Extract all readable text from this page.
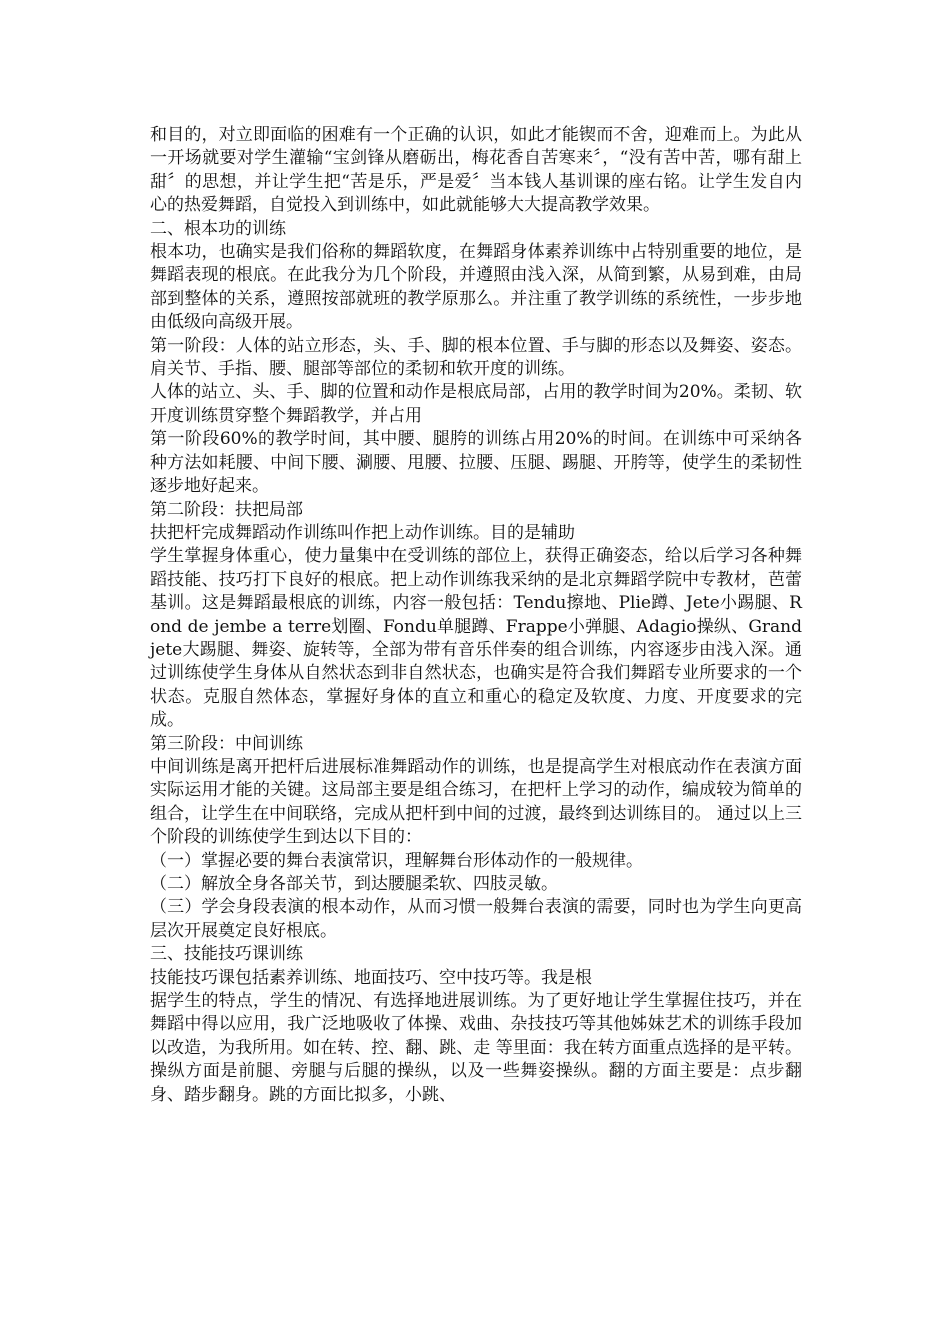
和目的，对立即面临的困难有一个正确的认识，如此才能锲而不舍，迎难而上。为此从一开场就要对学生灌输“宝剑锋从磨砺出，梅花香自苦寒来〞，“没有苦中苦，哪有甜上甜〞的思想，并让学生把“苦是乐，严是爱〞当本钱人基训课的座右铭。让学生发自内心的热爱舞蹈，自觉投入到训练中，如此就能够大大提高教学效果。

二、根本功的训练

根本功，也确实是我们俗称的舞蹈软度，在舞蹈身体素养训练中占特别重要的地位，是舞蹈表现的根底。在此我分为几个阶段，并遵照由浅入深，从简到繁，从易到难，由局部到整体的关系，遵照按部就班的教学原那么。并注重了教学训练的系统性，一步步地由低级向高级开展。

第一阶段：人体的站立形态，头、手、脚的根本位置、手与脚的形态以及舞姿、姿态。肩关节、手指、腰、腿部等部位的柔韧和软开度的训练。

人体的站立、头、手、脚的位置和动作是根底局部，占用的教学时间为20%。柔韧、软开度训练贯穿整个舞蹈教学，并占用

第一阶段60%的教学时间，其中腰、腿胯的训练占用20%的时间。在训练中可采纳各种方法如耗腰、中间下腰、涮腰、甩腰、拉腰、压腿、踢腿、开胯等，使学生的柔韧性逐步地好起来。

第二阶段：扶把局部

扶把杆完成舞蹈动作训练叫作把上动作训练。目的是辅助

学生掌握身体重心，使力量集中在受训练的部位上，获得正确姿态，给以后学习各种舞蹈技能、技巧打下良好的根底。把上动作训练我采纳的是北京舞蹈学院中专教材，芭蕾基训。这是舞蹈最根底的训练，内容一般包括：Tendu擦地、Plie蹲、Jete小踢腿、Rond de jembe a terre划圈、Fondu单腿蹲、Frappe小弹腿、Adagio操纵、Grand jete大踢腿、舞姿、旋转等，全部为带有音乐伴奏的组合训练，内容逐步由浅入深。通过训练使学生身体从自然状态到非自然状态，也确实是符合我们舞蹈专业所要求的一个状态。克服自然体态，掌握好身体的直立和重心的稳定及软度、力度、开度要求的完成。

第三阶段：中间训练

中间训练是离开把杆后进展标准舞蹈动作的训练，也是提高学生对根底动作在表演方面实际运用才能的关键。这局部主要是组合练习，在把杆上学习的动作，编成较为简单的组合，让学生在中间联络，完成从把杆到中间的过渡，最终到达训练目的。 通过以上三个阶段的训练使学生到达以下目的：

（一）掌握必要的舞台表演常识，理解舞台形体动作的一般规律。

（二）解放全身各部关节，到达腰腿柔软、四肢灵敏。

（三）学会身段表演的根本动作，从而习惯一般舞台表演的需要，同时也为学生向更高层次开展奠定良好根底。

三、技能技巧课训练

技能技巧课包括素养训练、地面技巧、空中技巧等。我是根

据学生的特点，学生的情况、有选择地进展训练。为了更好地让学生掌握住技巧，并在舞蹈中得以应用，我广泛地吸收了体操、戏曲、杂技技巧等其他姊妹艺术的训练手段加以改造，为我所用。如在转、控、翻、跳、走 等里面：我在转方面重点选择的是平转。操纵方面是前腿、旁腿与后腿的操纵，以及一些舞姿操纵。翻的方面主要是：点步翻身、踏步翻身。跳的方面比拟多，小跳、
